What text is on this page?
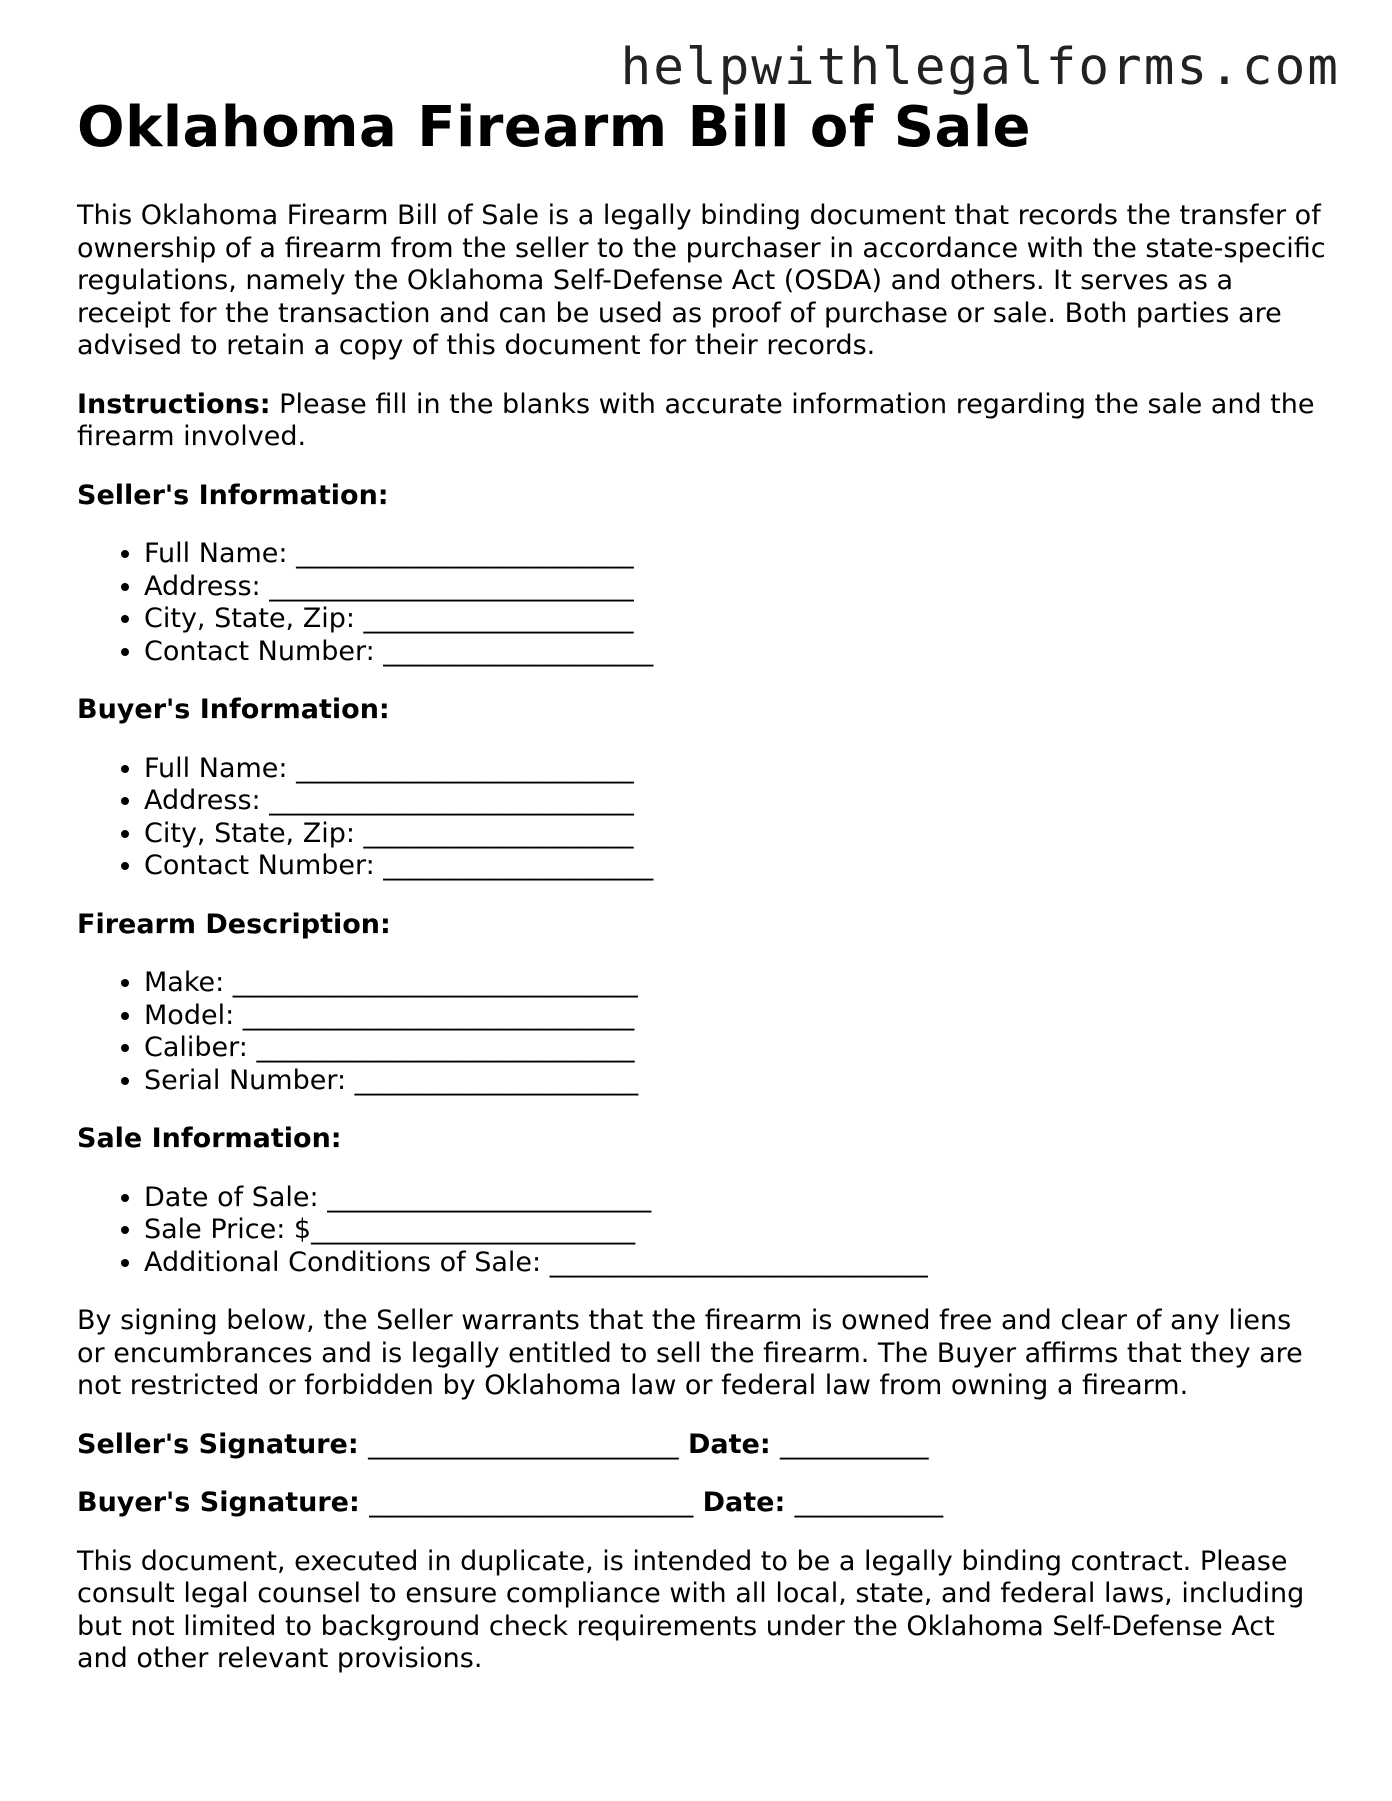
helpwithlegalforms.com
Oklahoma Firearm Bill of Sale

This Oklahoma Firearm Bill of Sale is a legally binding document that records the transfer of ownership of a firearm from the seller to the purchaser in accordance with the state-specific regulations, namely the Oklahoma Self-Defense Act (OSDA) and others. It serves as a receipt for the transaction and can be used as proof of purchase or sale. Both parties are advised to retain a copy of this document for their records.

Instructions: Please fill in the blanks with accurate information regarding the sale and the firearm involved.

Seller's Information:
• Full Name: _________________________
• Address: ___________________________
• City, State, Zip: ____________________
• Contact Number: ____________________
Buyer's Information:
• Full Name: _________________________
• Address: ___________________________
• City, State, Zip: ____________________
• Contact Number: ____________________
Firearm Description:
• Make: ______________________________
• Model: _____________________________
• Caliber: ____________________________
• Serial Number: _____________________
Sale Information:
• Date of Sale: ________________________
• Sale Price: $________________________
• Additional Conditions of Sale: ____________________________

By signing below, the Seller warrants that the firearm is owned free and clear of any liens or encumbrances and is legally entitled to sell the firearm. The Buyer affirms that they are not restricted or forbidden by Oklahoma law or federal law from owning a firearm.

Seller's Signature: _______________________ Date: ___________
Buyer's Signature: ________________________ Date: ___________

This document, executed in duplicate, is intended to be a legally binding contract. Please consult legal counsel to ensure compliance with all local, state, and federal laws, including but not limited to background check requirements under the Oklahoma Self-Defense Act and other relevant provisions.
